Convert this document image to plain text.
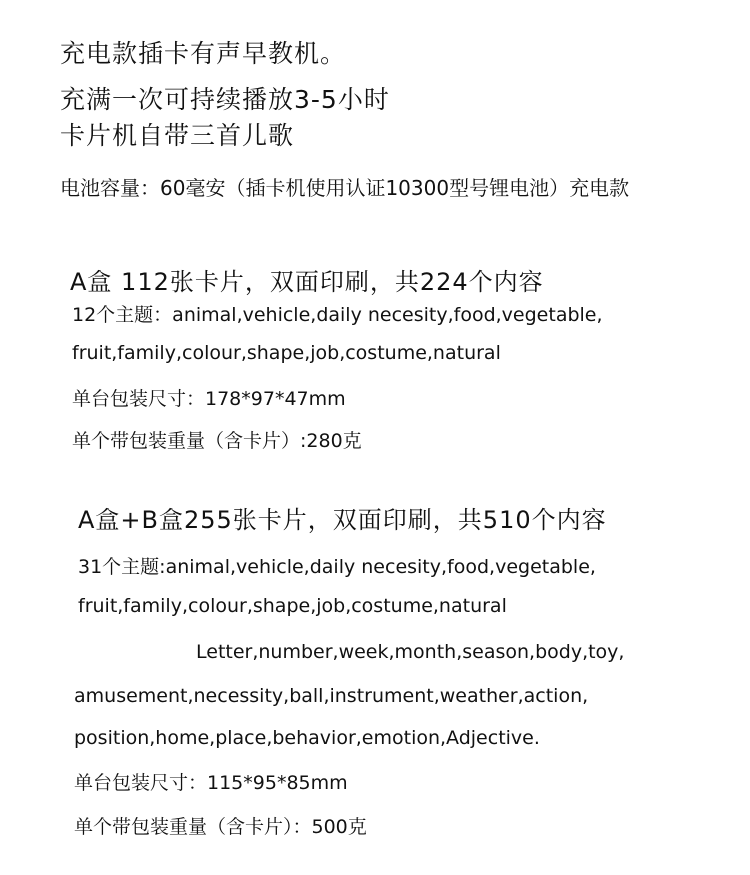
充电款插卡有声早教机。
充满一次可持续播放3-5小时
卡片机自带三首儿歌
电池容量：60毫安（插卡机使用认证10300型号锂电池）充电款
A盒 112张卡片，双面印刷，共224个内容
12个主题：animal,vehicle,daily necesity,food,vegetable,
fruit,family,colour,shape,job,costume,natural
单台包装尺寸：178*97*47mm
单个带包装重量（含卡片）:280克
A盒+B盒255张卡片，双面印刷，共510个内容
31个主题:animal,vehicle,daily necesity,food,vegetable,
fruit,family,colour,shape,job,costume,natural
Letter,number,week,month,season,body,toy,
amusement,necessity,ball,instrument,weather,action,
position,home,place,behavior,emotion,Adjective.
单台包装尺寸：115*95*85mm
单个带包装重量（含卡片）：500克
